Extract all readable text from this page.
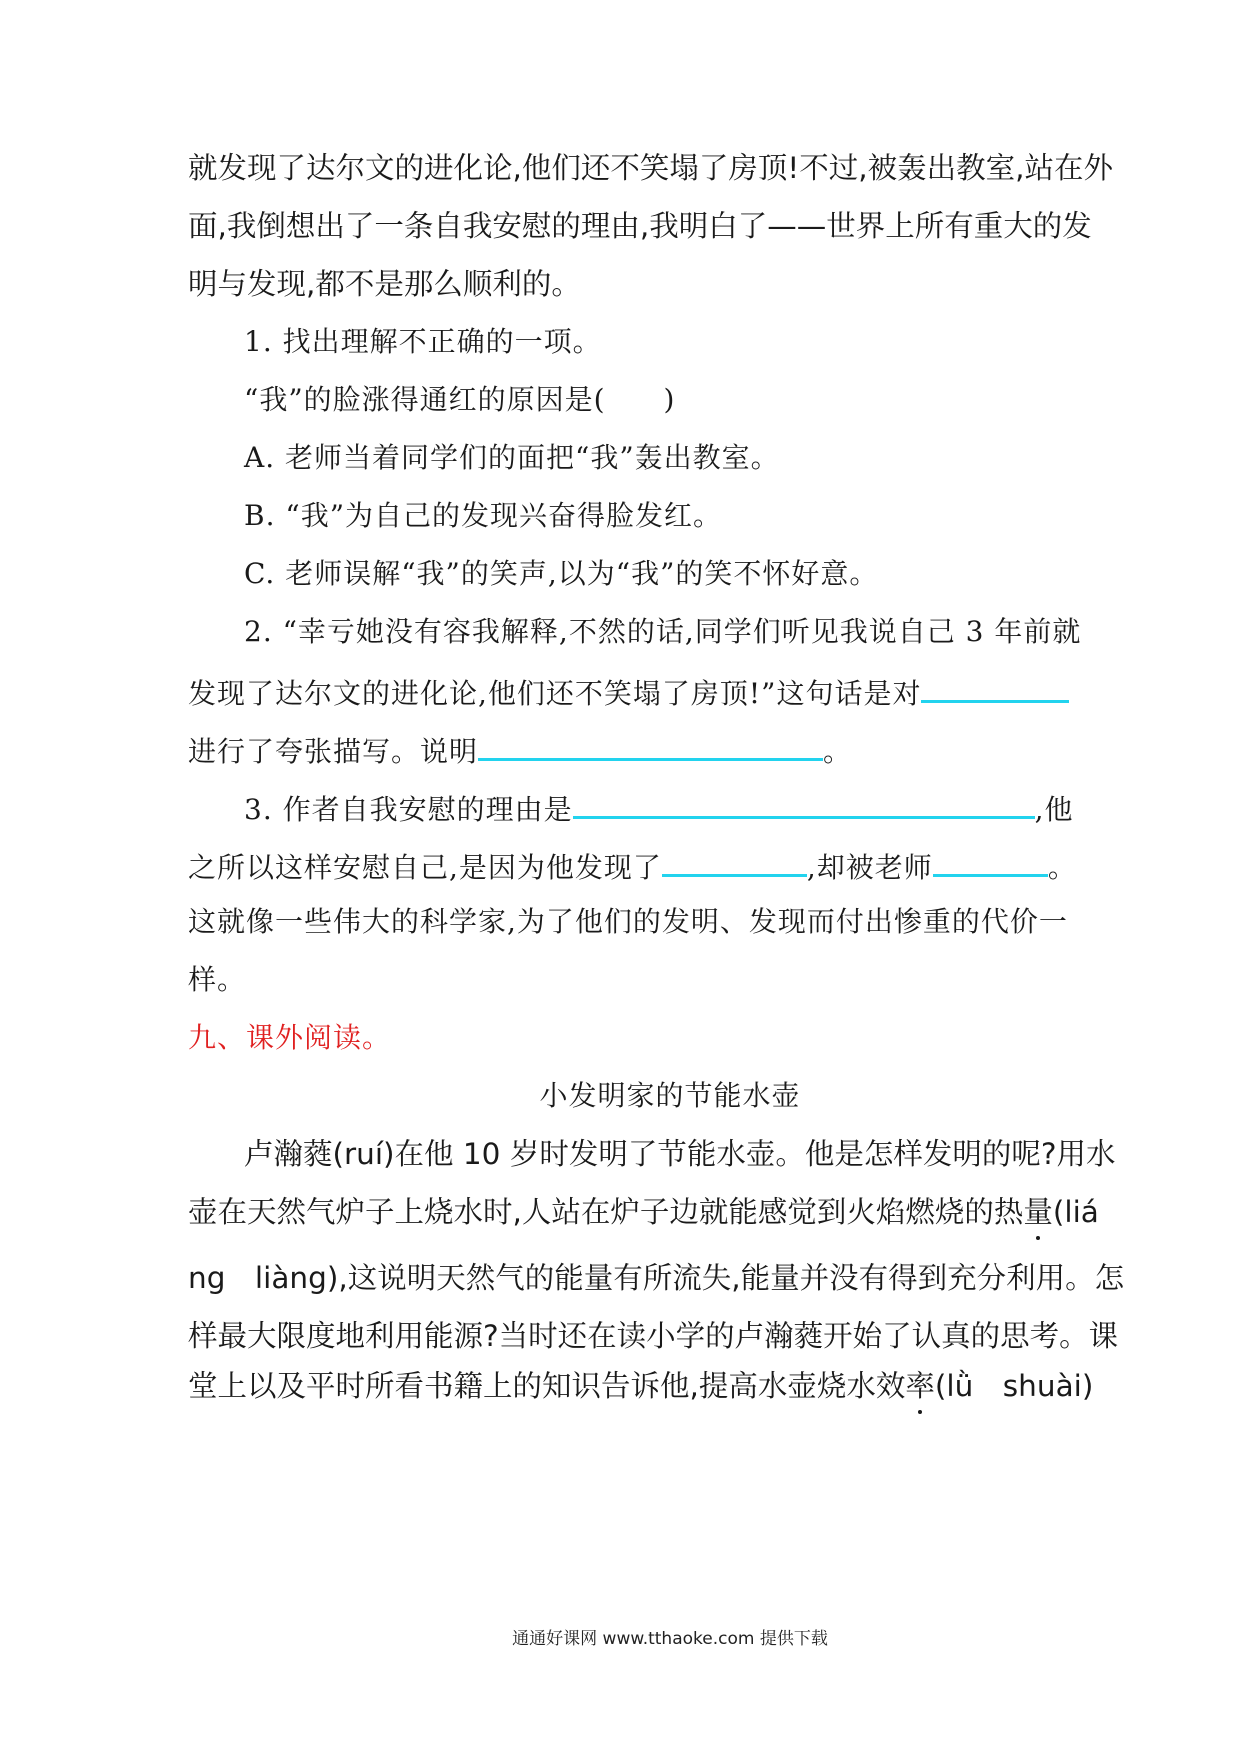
就发现了达尔文的进化论,他们还不笑塌了房顶!不过,被轰出教室,站在外
面,我倒想出了一条自我安慰的理由,我明白了——世界上所有重大的发
明与发现,都不是那么顺利的。
1. 找出理解不正确的一项。
“我”的脸涨得通红的原因是(　　)
A. 老师当着同学们的面把“我”轰出教室。
B. “我”为自己的发现兴奋得脸发红。
C. 老师误解“我”的笑声,以为“我”的笑不怀好意。
2. “幸亏她没有容我解释,不然的话,同学们听见我说自己 3 年前就
发现了达尔文的进化论,他们还不笑塌了房顶!”这句话是对
进行了夸张描写。说明	。
3. 作者自我安慰的理由是	,他
之所以这样安慰自己,是因为他发现了	,却被老师	。
这就像一些伟大的科学家,为了他们的发明、发现而付出惨重的代价一
样。
九、课外阅读。
小发明家的节能水壶
卢瀚蕤(ruí)在他 10 岁时发明了节能水壶。他是怎样发明的呢?用水
壶在天然气炉子上烧水时,人站在炉子边就能感觉到火焰燃烧的热量(liá
ng　liàng),这说明天然气的能量有所流失,能量并没有得到充分利用。怎
样最大限度地利用能源?当时还在读小学的卢瀚蕤开始了认真的思考。课
堂上以及平时所看书籍上的知识告诉他,提高水壶烧水效率(lǜ　shuài)
通通好课网 www.tthaoke.com 提供下载
